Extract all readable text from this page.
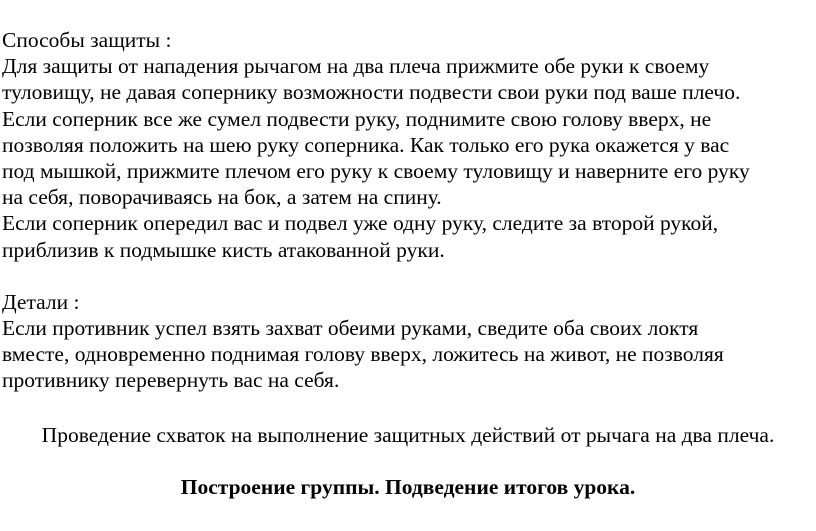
Способы защиты :

Для защиты от нападения рычагом на два плеча прижмите обе руки к своему

туловищу, не давая сопернику возможности подвести свои руки под ваше плечо.

Если соперник все же сумел подвести руку, поднимите свою голову вверх, не

позволяя положить на шею руку соперника. Как только его рука окажется у вас

под мышкой, прижмите плечом его руку к своему туловищу и наверните его руку

на себя, поворачиваясь на бок, а затем на спину.

Если соперник опередил вас и подвел уже одну руку, следите за второй рукой,

приблизив к подмышке кисть атакованной руки.

Детали :

Если противник успел взять захват обеими руками, сведите оба своих локтя

вместе, одновременно поднимая голову вверх, ложитесь на живот, не позволяя

противнику перевернуть вас на себя.

Проведение схваток на выполнение защитных действий от рычага на два плеча.

Построение группы. Подведение итогов урока.
